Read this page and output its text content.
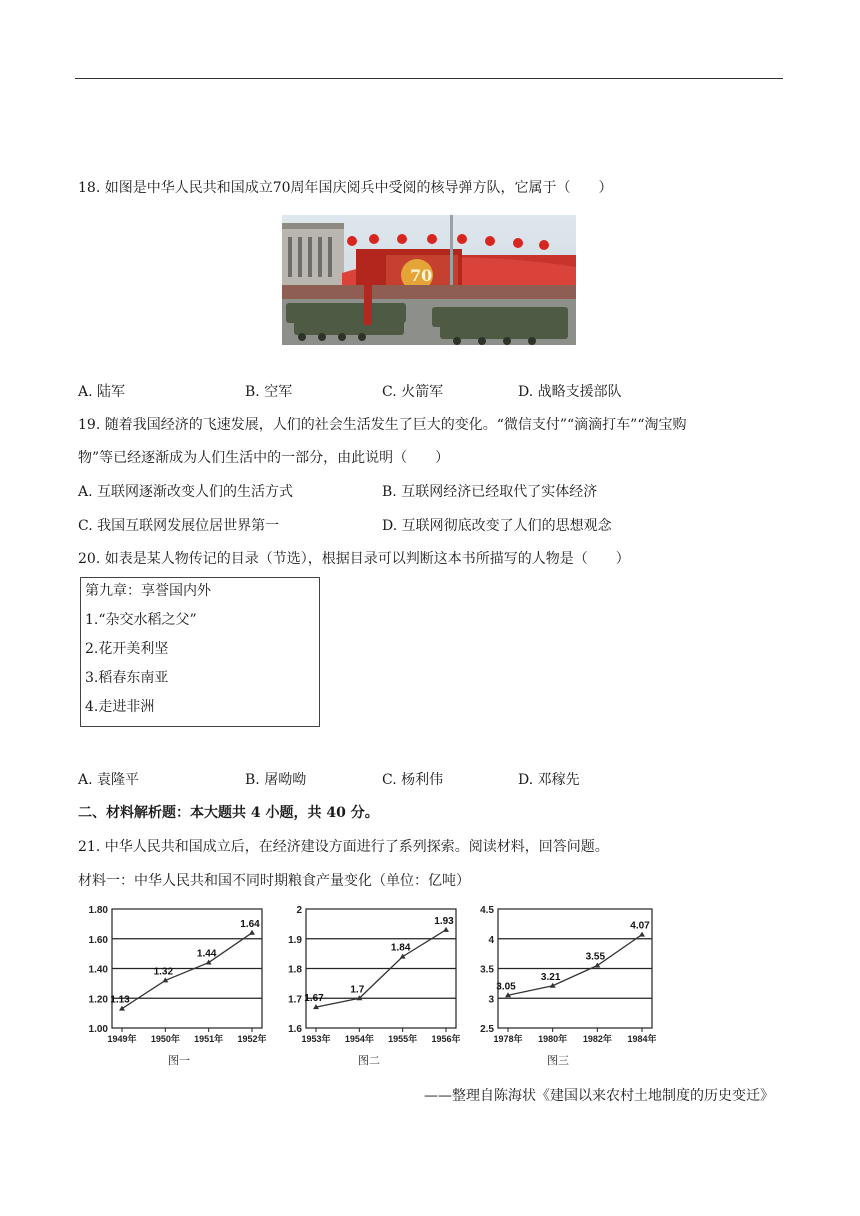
18. 如图是中华人民共和国成立70周年国庆阅兵中受阅的核导弹方队，它属于（　　）
70
A. 陆军	B. 空军	C. 火箭军	D. 战略支援部队
19. 随着我国经济的飞速发展，人们的社会生活发生了巨大的变化。“微信支付”“滴滴打车”“淘宝购
物”等已经逐渐成为人们生活中的一部分，由此说明（　　）
A. 互联网逐渐改变人们的生活方式	B. 互联网经济已经取代了实体经济
C. 我国互联网发展位居世界第一	D. 互联网彻底改变了人们的思想观念
20. 如表是某人物传记的目录（节选），根据目录可以判断这本书所描写的人物是（　　）
第九章：享誉国内外
1.“杂交水稻之父”
2.花开美利坚
3.稻春东南亚
4.走进非洲
A. 袁隆平	B. 屠呦呦	C. 杨利伟	D. 邓稼先
二、材料解析题：本大题共 4 小题，共 40 分。
21. 中华人民共和国成立后，在经济建设方面进行了系列探索。阅读材料，回答问题。
材料一：中华人民共和国不同时期粮食产量变化（单位：亿吨）
1.80
1.60
1.40
1.20
1.00
1949年 1950年 1951年 1952年
1.13
1.32
1.44
1.64
图一
2
1.9
1.8
1.7
1.6
1953年 1954年 1955年 1956年
1.67
1.7
1.84
1.93
图二
4.5
4
3.5
3
2.5
1978年 1980年 1982年 1984年
3.05
3.21
3.55
4.07
图三
——整理自陈海状《建国以来农村土地制度的历史变迁》
